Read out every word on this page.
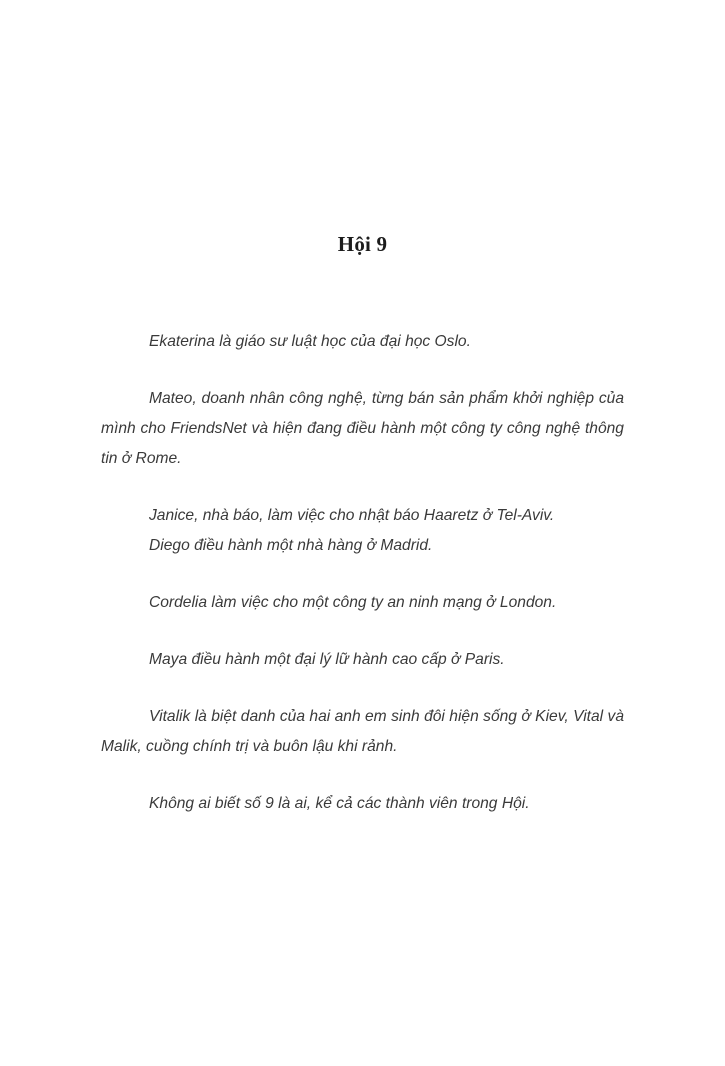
Hội 9

Ekaterina là giáo sư luật học của đại học Oslo.

Mateo, doanh nhân công nghệ, từng bán sản phẩm khởi nghiệp của mình cho FriendsNet và hiện đang điều hành một công ty công nghệ thông tin ở Rome.

Janice, nhà báo, làm việc cho nhật báo Haaretz ở Tel-Aviv.

Diego điều hành một nhà hàng ở Madrid.

Cordelia làm việc cho một công ty an ninh mạng ở London.

Maya điều hành một đại lý lữ hành cao cấp ở Paris.

Vitalik là biệt danh của hai anh em sinh đôi hiện sống ở Kiev, Vital và Malik, cuồng chính trị và buôn lậu khi rảnh.

Không ai biết số 9 là ai, kể cả các thành viên trong Hội.
